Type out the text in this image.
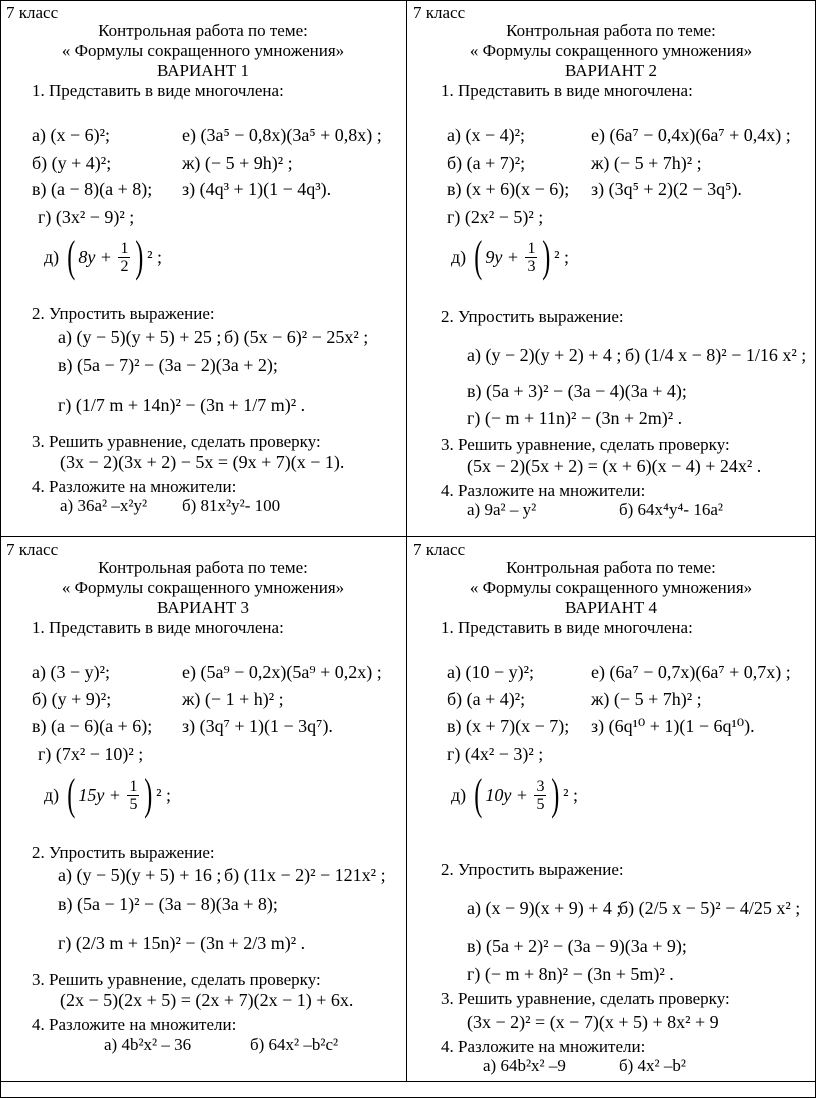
7 класс
Контрольная работа по теме:
« Формулы сокращенного умножения»
ВАРИАНТ 1
1. Представить в виде многочлена:
а) (x − 6)²;	е) (3a⁵ − 0,8x)(3a⁵ + 0,8x) ;
б) (y + 4)²;	ж) (− 5 + 9h)² ;
в) (a − 8)(a + 8); з) (4q³ + 1)(1 − 4q³).
г) (3x² − 9)² ;
д) ( $8y + \frac{1}{2}$ ) ² ;
2. Упростить выражение:
а) (y − 5)(y + 5) + 25 ; б) (5x − 6)² − 25x² ;
в) (5a − 7)² − (3a − 2)(3a + 2);
г) (1/7 m + 14n)² − (3n + 1/7 m)² .
3. Решить уравнение, сделать проверку:
(3x − 2)(3x + 2) − 5x = (9x + 7)(x − 1).
4. Разложите на множители:
а) 36a² –x²y² б) 81x²y²- 100
7 класс
Контрольная работа по теме:
« Формулы сокращенного умножения»
ВАРИАНТ 2
1. Представить в виде многочлена:
а) (x − 4)²;	е) (6a⁷ − 0,4x)(6a⁷ + 0,4x) ;
б) (a + 7)²;	ж) (− 5 + 7h)² ;
в) (x + 6)(x − 6); з) (3q⁵ + 2)(2 − 3q⁵).
г) (2x² − 5)² ;
д) ( $9y + \frac{1}{3}$ ) ² ;
2. Упростить выражение:
а) (y − 2)(y + 2) + 4 ; б) (1/4 x − 8)² − 1/16 x² ;
в) (5a + 3)² − (3a − 4)(3a + 4);
г) (− m + 11n)² − (3n + 2m)² .
3. Решить уравнение, сделать проверку:
(5x − 2)(5x + 2) = (x + 6)(x − 4) + 24x² .
4. Разложите на множители:
а) 9a² – y²	б) 64x⁴y⁴- 16a²
7 класс
Контрольная работа по теме:
« Формулы сокращенного умножения»
ВАРИАНТ 3
1. Представить в виде многочлена:
а) (3 − y)²;	е) (5a⁹ − 0,2x)(5a⁹ + 0,2x) ;
б) (y + 9)²;	ж) (− 1 + h)² ;
в) (a − 6)(a + 6); з) (3q⁷ + 1)(1 − 3q⁷).
г) (7x² − 10)² ;
д) ( $15y + \frac{1}{5}$ ) ² ;
2. Упростить выражение:
а) (y − 5)(y + 5) + 16 ; б) (11x − 2)² − 121x² ;
в) (5a − 1)² − (3a − 8)(3a + 8);
г) (2/3 m + 15n)² − (3n + 2/3 m)² .
3. Решить уравнение, сделать проверку:
(2x − 5)(2x + 5) = (2x + 7)(2x − 1) + 6x.
4. Разложите на множители:
а) 4b²x² – 36	б) 64x² –b²c²
7 класс
Контрольная работа по теме:
« Формулы сокращенного умножения»
ВАРИАНТ 4
1. Представить в виде многочлена:
а) (10 − y)²;	е) (6a⁷ − 0,7x)(6a⁷ + 0,7x) ;
б) (a + 4)²;	ж) (− 5 + 7h)² ;
в) (x + 7)(x − 7); з) (6q¹⁰ + 1)(1 − 6q¹⁰).
г) (4x² − 3)² ;
д) ( $10y + \frac{3}{5}$ ) ² ;
2. Упростить выражение:
а) (x − 9)(x + 9) + 4 ;
б) (2/5 x − 5)² − 4/25 x² ;
в) (5a + 2)² − (3a − 9)(3a + 9);
г) (− m + 8n)² − (3n + 5m)² .
3. Решить уравнение, сделать проверку:
(3x − 2)² = (x − 7)(x + 5) + 8x² + 9
4. Разложите на множители:
а) 64b²x² –9	б) 4x² –b²
